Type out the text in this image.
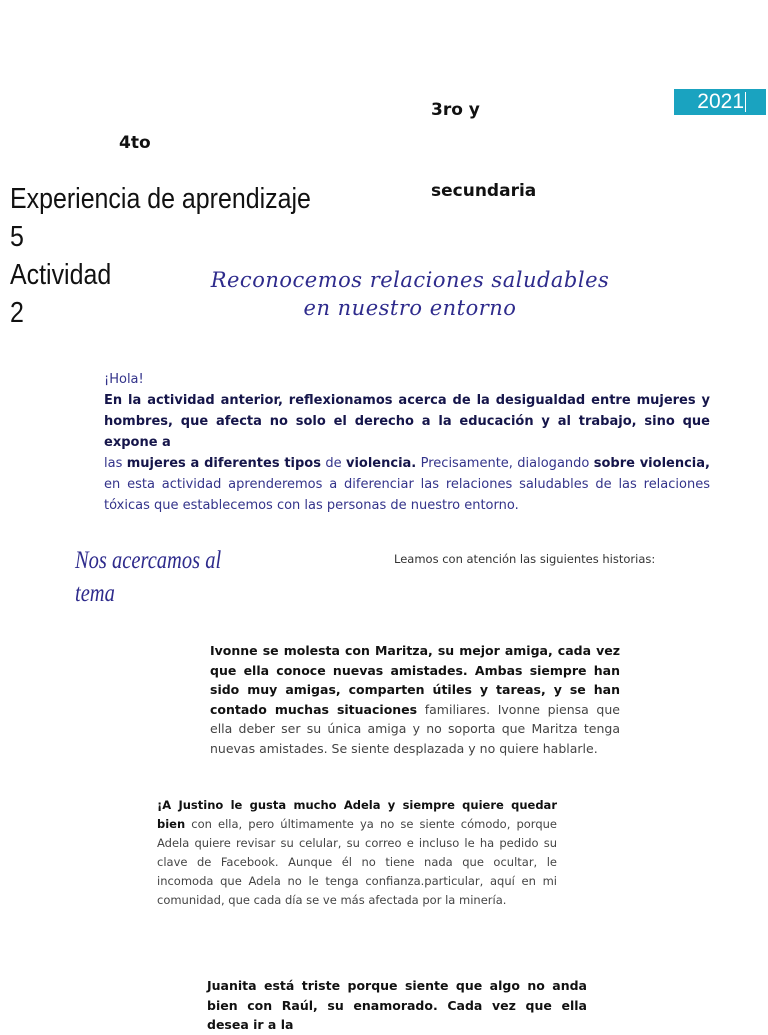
2021
3ro y
4to
secundaria
Experiencia de aprendizaje
5
Actividad
2
Reconocemos relaciones saludables
en nuestro entorno

¡Hola!

En la actividad anterior, reflexionamos acerca de la desigualdad entre mujeres y hombres, que afecta no solo el derecho a la educación y al trabajo, sino que expone a

las mujeres a diferentes tipos de violencia. Precisamente, dialogando sobre violencia, en esta actividad aprenderemos a diferenciar las relaciones saludables de las relaciones tóxicas que establecemos con las personas de nuestro entorno.

Nos acercamos al tema
Leamos con atención las siguientes historias:

Ivonne se molesta con Maritza, su mejor amiga, cada vez que ella conoce nuevas amistades. Ambas siempre han sido muy amigas, comparten útiles y tareas, y se han contado muchas situaciones familiares. Ivonne piensa que ella deber ser su única amiga y no soporta que Maritza tenga nuevas amistades. Se siente desplazada y no quiere hablarle.

¡A Justino le gusta mucho Adela y siempre quiere quedar bien con ella, pero últimamente ya no se siente cómodo, porque Adela quiere revisar su celular, su correo e incluso le ha pedido su clave de Facebook. Aunque él no tiene nada que ocultar, le incomoda que Adela no le tenga confianza.particular, aquí en mi comunidad, que cada día se ve más afectada por la minería.

Juanita está triste porque siente que algo no anda bien con Raúl, su enamorado. Cada vez que ella desea ir a la
